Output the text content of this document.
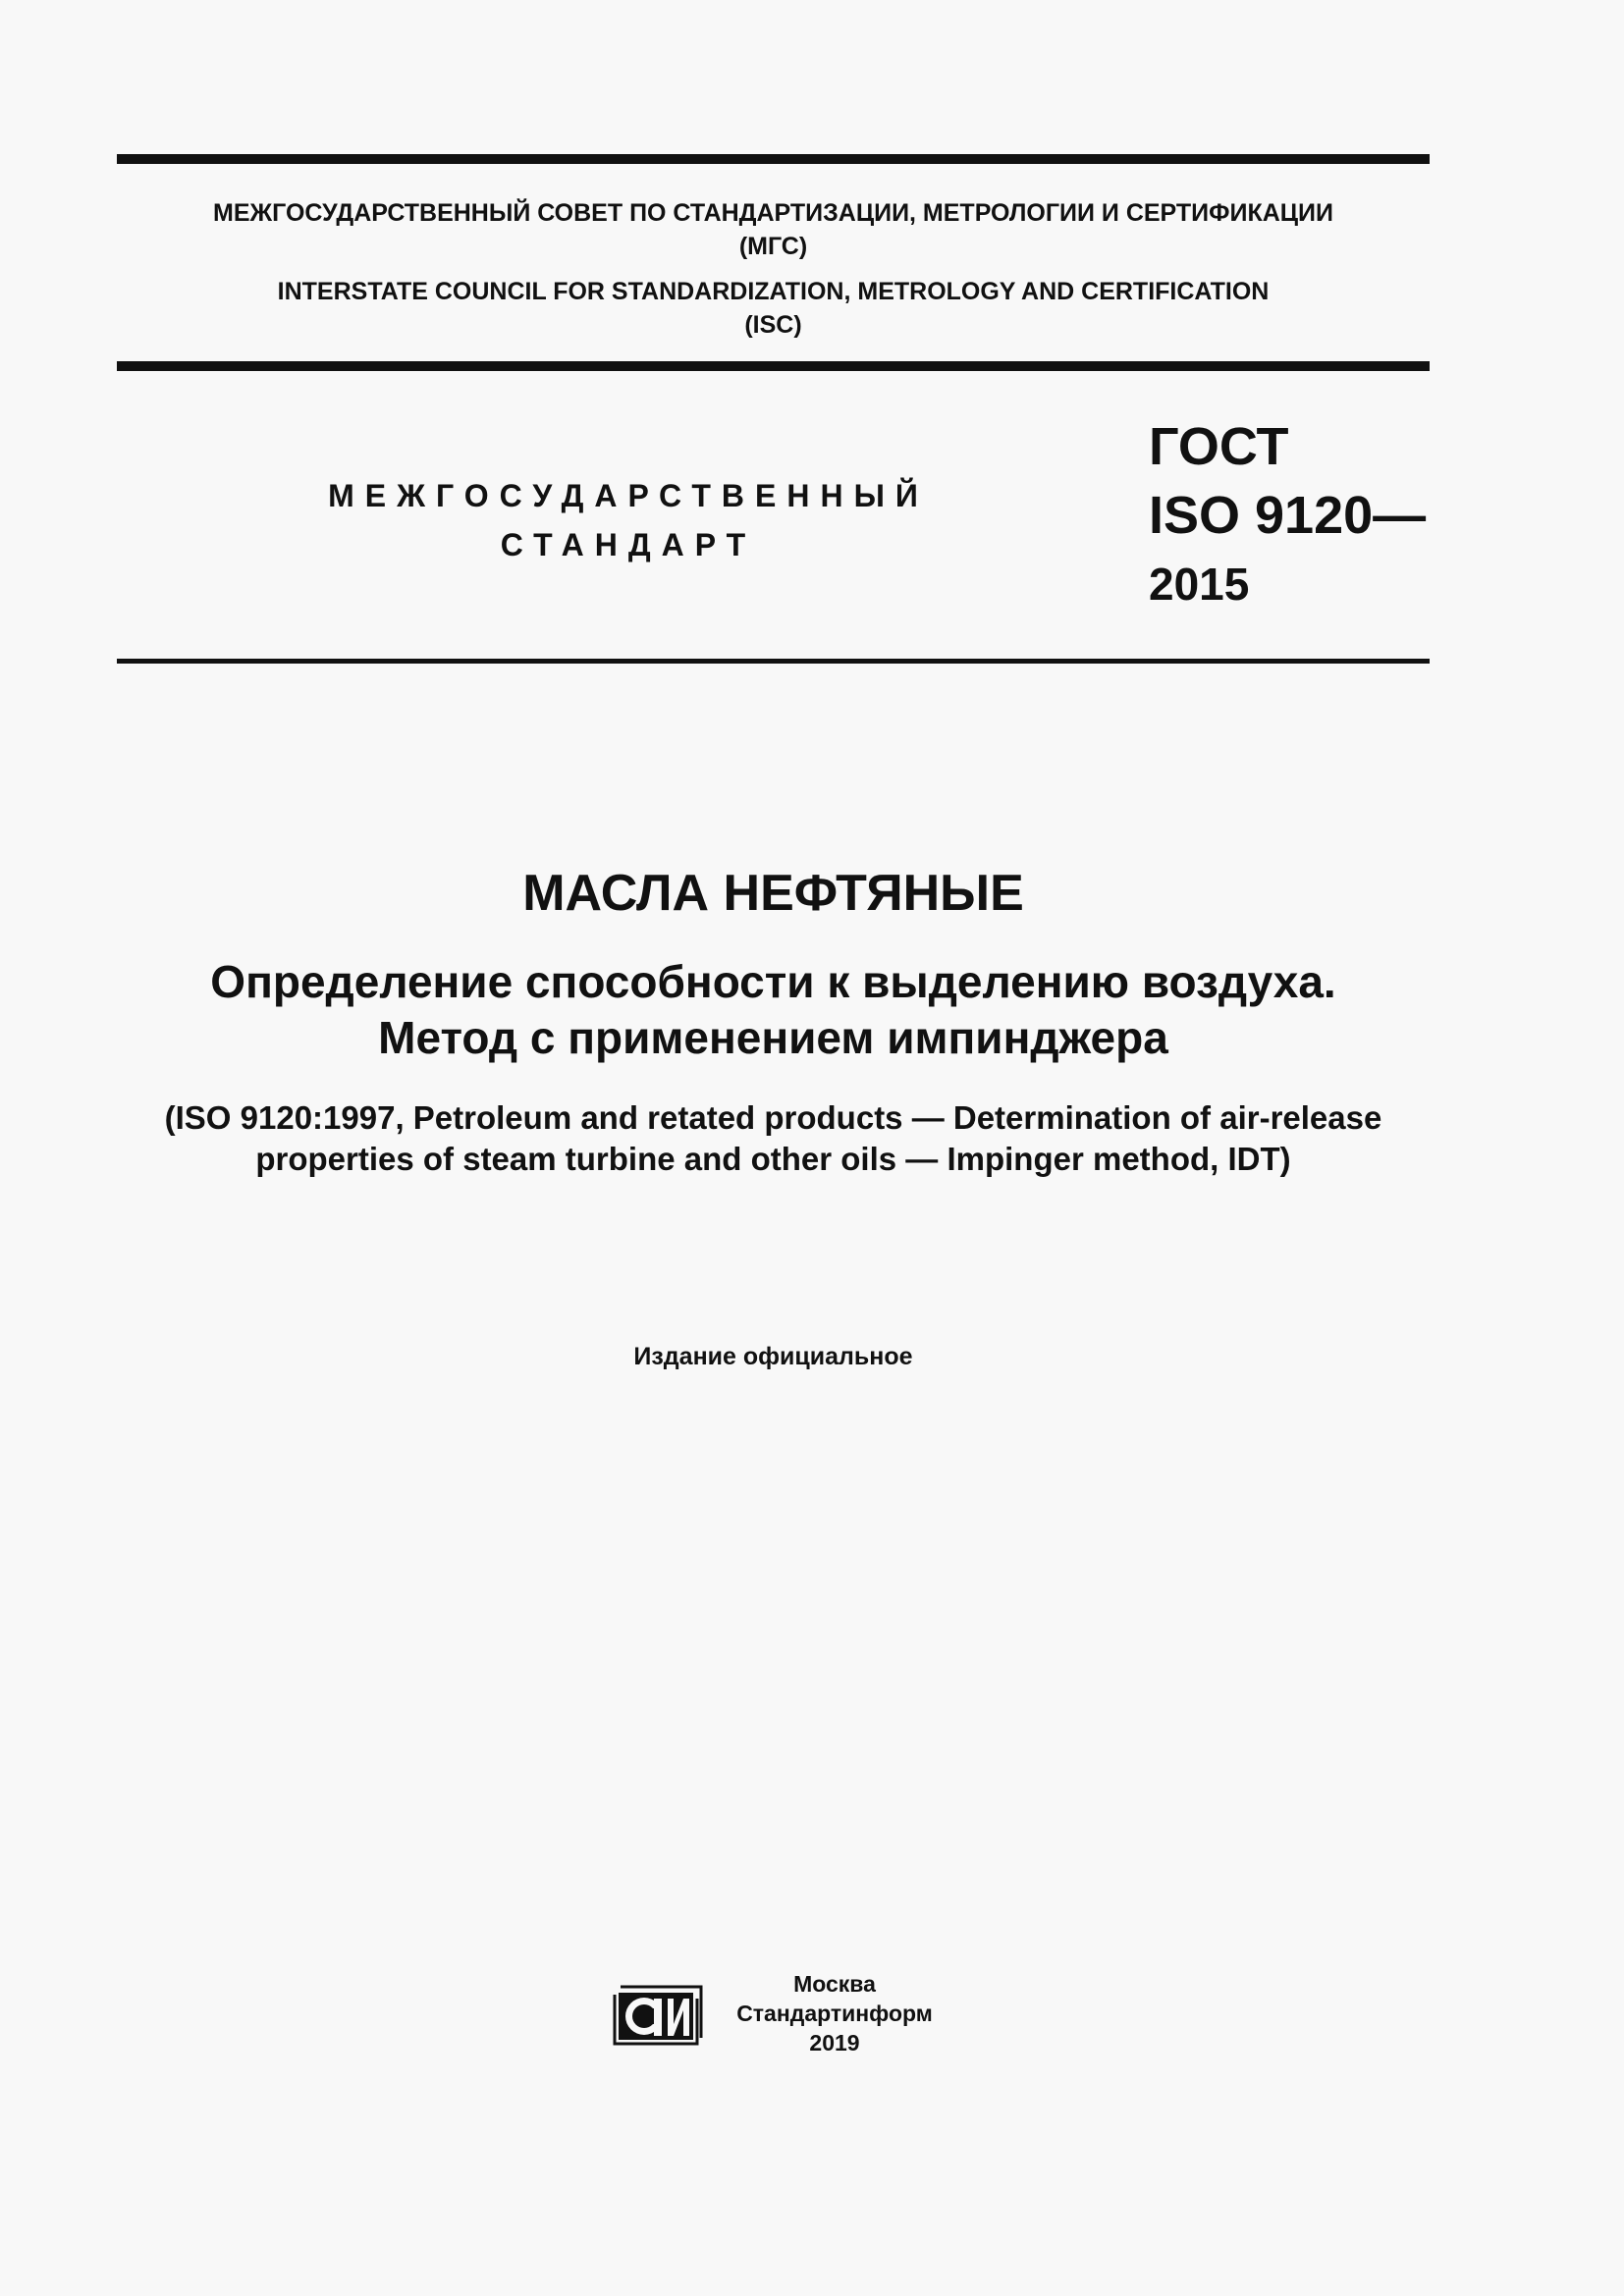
МЕЖГОСУДАРСТВЕННЫЙ СОВЕТ ПО СТАНДАРТИЗАЦИИ, МЕТРОЛОГИИ И СЕРТИФИКАЦИИ
(МГС)
INTERSTATE COUNCIL FOR STANDARDIZATION, METROLOGY AND CERTIFICATION
(ISC)
МЕЖГОСУДАРСТВЕННЫЙ
СТАНДАРТ
ГОСТ
ISO 9120—
2015
МАСЛА НЕФТЯНЫЕ
Определение способности к выделению воздуха.
Метод с применением импинджера
(ISO 9120:1997, Petroleum and retated products — Determination of air-release
properties of steam turbine and other oils — Impinger method, IDT)
Издание официальное
Москва
Стандартинформ
2019
